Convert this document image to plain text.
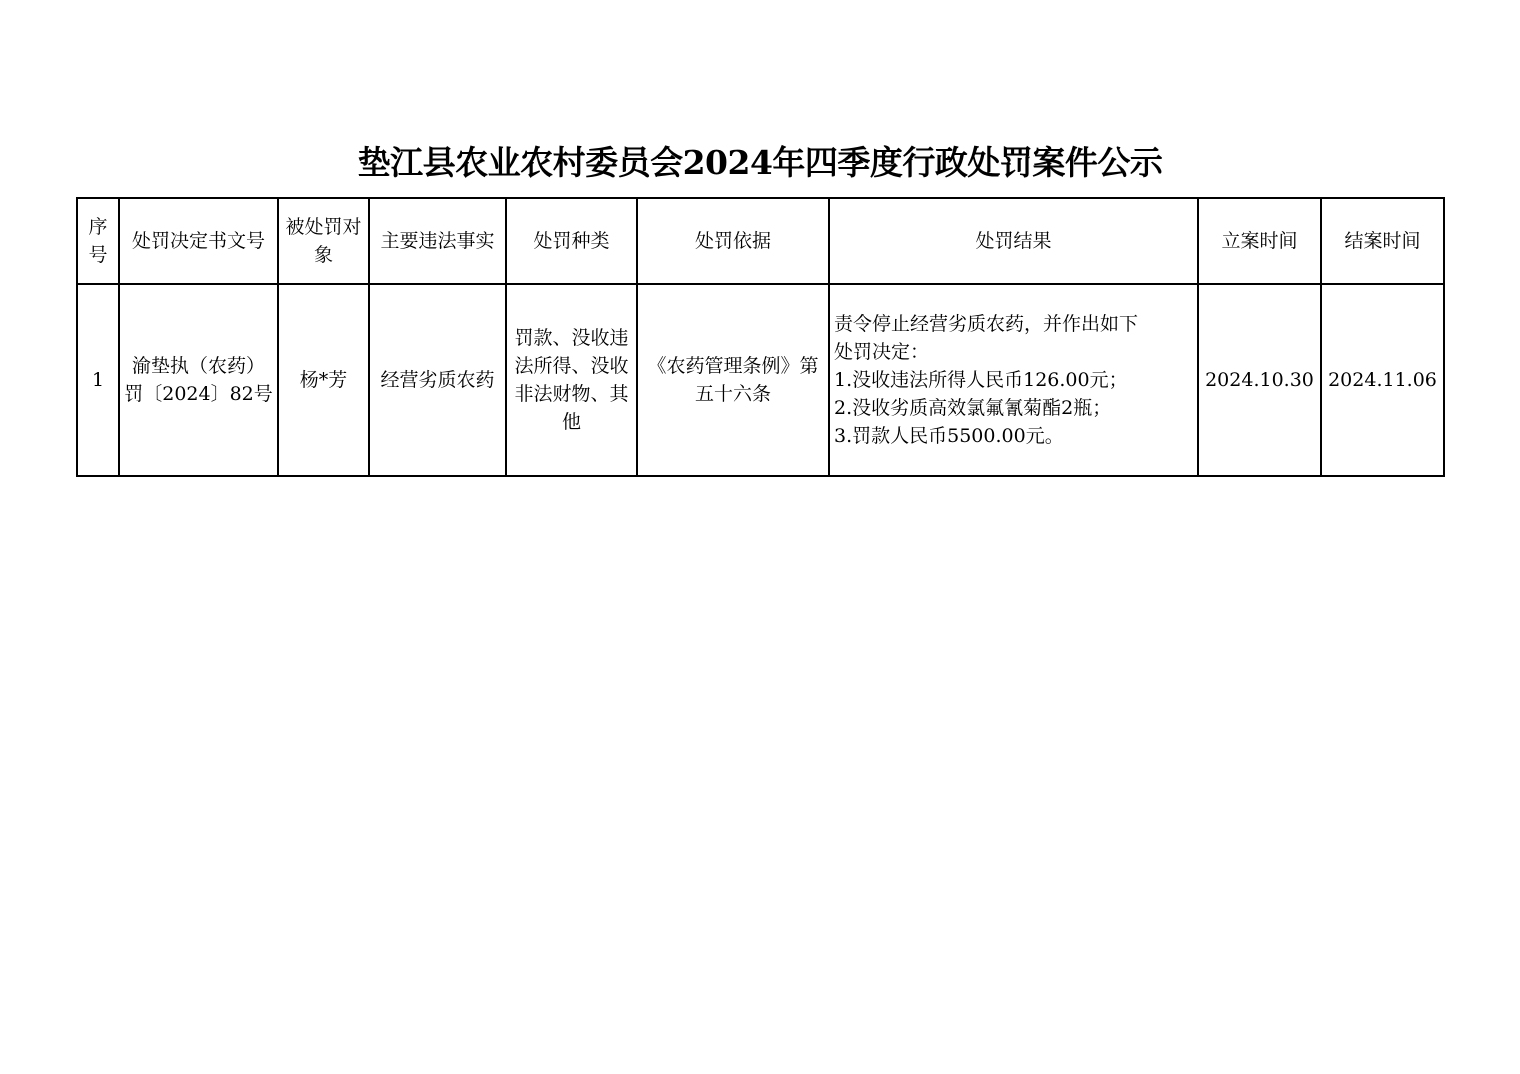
垫江县农业农村委员会2024年四季度行政处罚案件公示
序号	处罚决定书文号	被处罚对象	主要违法事实	处罚种类	处罚依据	处罚结果	立案时间	结案时间
1	渝垫执（农药）罚〔2024〕82号	杨*芳	经营劣质农药	罚款、没收违法所得、没收非法财物、其他	《农药管理条例》第五十六条	责令停止经营劣质农药，并作出如下
处罚决定：
1.没收违法所得人民币126.00元；
2.没收劣质高效氯氟氰菊酯2瓶；
3.罚款人民币5500.00元。	2024.10.30	2024.11.06
